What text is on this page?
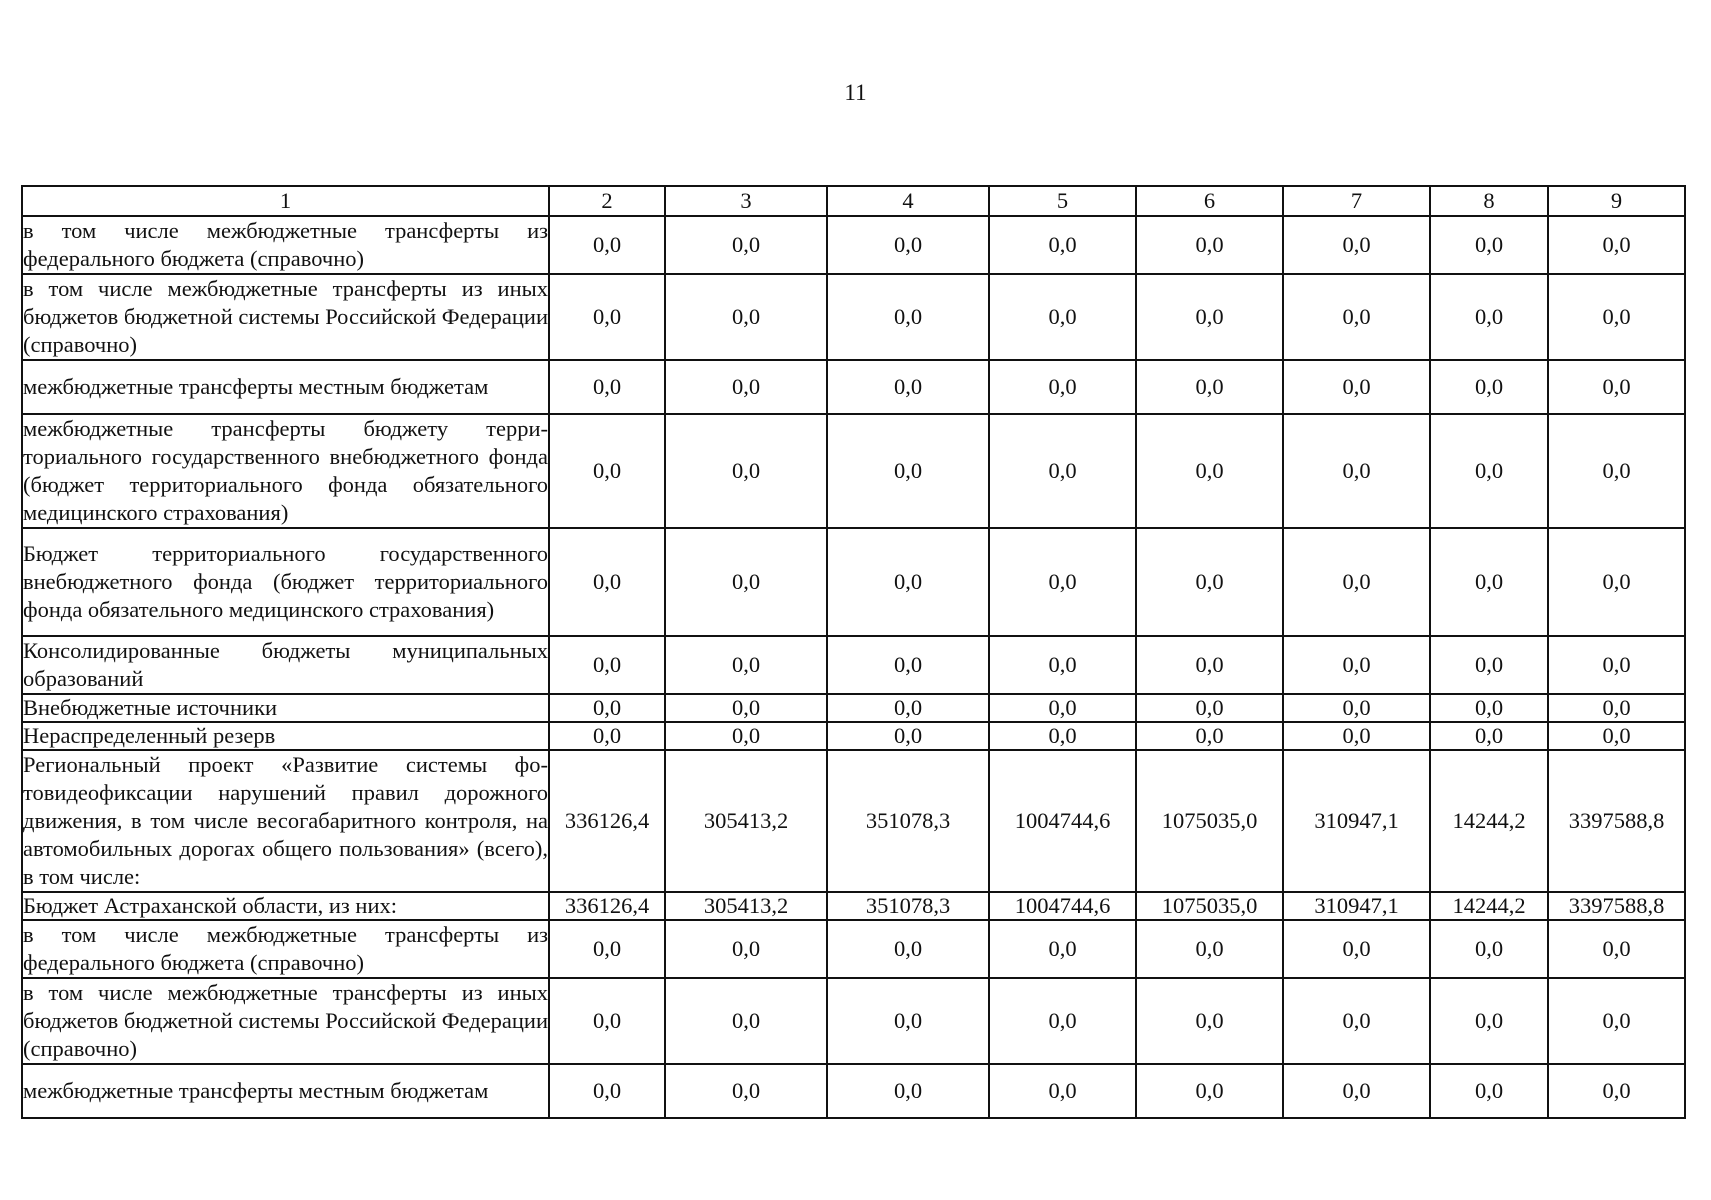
11
1	2	3	4	5	6	7	8	9
в том числе межбюджетные трансферты из федерального бюджета (справочно)	0,0	0,0	0,0	0,0	0,0	0,0	0,0	0,0
в том числе межбюджетные трансферты из иных бюджетов бюджетной системы Российской Федерации (справочно)	0,0	0,0	0,0	0,0	0,0	0,0	0,0	0,0
межбюджетные трансферты местным бюджетам	0,0	0,0	0,0	0,0	0,0	0,0	0,0	0,0
межбюджетные трансферты бюджету территориального государственного внебюджетного фонда (бюджет территориального фонда обязательного медицинского страхования)	0,0	0,0	0,0	0,0	0,0	0,0	0,0	0,0
Бюджет территориального государственного внебюджетного фонда (бюджет территориального фонда обязательного медицинского страхования)	0,0	0,0	0,0	0,0	0,0	0,0	0,0	0,0
Консолидированные бюджеты муниципальных образований	0,0	0,0	0,0	0,0	0,0	0,0	0,0	0,0
Внебюджетные источники	0,0	0,0	0,0	0,0	0,0	0,0	0,0	0,0
Нераспределенный резерв	0,0	0,0	0,0	0,0	0,0	0,0	0,0	0,0
Региональный проект «Развитие системы фотовидеофиксации нарушений правил дорожного движения, в том числе весогабаритного контроля, на автомобильных дорогах общего пользования» (всего), в том числе:	336126,4	305413,2	351078,3	1004744,6	1075035,0	310947,1	14244,2	3397588,8
Бюджет Астраханской области, из них:	336126,4	305413,2	351078,3	1004744,6	1075035,0	310947,1	14244,2	3397588,8
в том числе межбюджетные трансферты из федерального бюджета (справочно)	0,0	0,0	0,0	0,0	0,0	0,0	0,0	0,0
в том числе межбюджетные трансферты из иных бюджетов бюджетной системы Российской Федерации (справочно)	0,0	0,0	0,0	0,0	0,0	0,0	0,0	0,0
межбюджетные трансферты местным бюджетам	0,0	0,0	0,0	0,0	0,0	0,0	0,0	0,0
